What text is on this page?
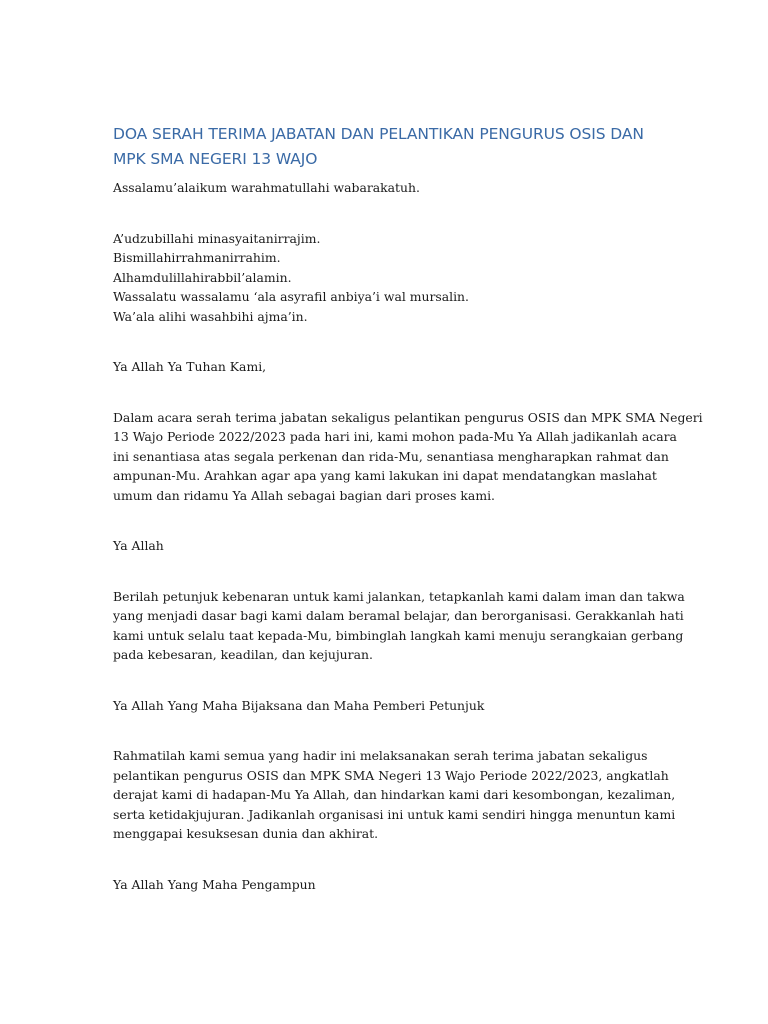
DOA SERAH TERIMA JABATAN DAN PELANTIKAN PENGURUS OSIS DAN
MPK SMA NEGERI 13 WAJO

Assalamu’alaikum warahmatullahi wabarakatuh.

A’udzubillahi minasyaitanirrajim.
Bismillahirrahmanirrahim.
Alhamdulillahirabbil’alamin.
Wassalatu wassalamu ‘ala asyrafil anbiya’i wal mursalin.
Wa’ala alihi wasahbihi ajma’in.

Ya Allah Ya Tuhan Kami,

Dalam acara serah terima jabatan sekaligus pelantikan pengurus OSIS dan MPK SMA Negeri
13 Wajo Periode 2022/2023 pada hari ini, kami mohon pada-Mu Ya Allah jadikanlah acara
ini senantiasa atas segala perkenan dan rida-Mu, senantiasa mengharapkan rahmat dan
ampunan-Mu. Arahkan agar apa yang kami lakukan ini dapat mendatangkan maslahat
umum dan ridamu Ya Allah sebagai bagian dari proses kami.

Ya Allah

Berilah petunjuk kebenaran untuk kami jalankan, tetapkanlah kami dalam iman dan takwa
yang menjadi dasar bagi kami dalam beramal belajar, dan berorganisasi. Gerakkanlah hati
kami untuk selalu taat kepada-Mu, bimbinglah langkah kami menuju serangkaian gerbang
pada kebesaran, keadilan, dan kejujuran.

Ya Allah Yang Maha Bijaksana dan Maha Pemberi Petunjuk

Rahmatilah kami semua yang hadir ini melaksanakan serah terima jabatan sekaligus
pelantikan pengurus OSIS dan MPK SMA Negeri 13 Wajo Periode 2022/2023, angkatlah
derajat kami di hadapan-Mu Ya Allah, dan hindarkan kami dari kesombongan, kezaliman,
serta ketidakjujuran. Jadikanlah organisasi ini untuk kami sendiri hingga menuntun kami
menggapai kesuksesan dunia dan akhirat.

Ya Allah Yang Maha Pengampun
